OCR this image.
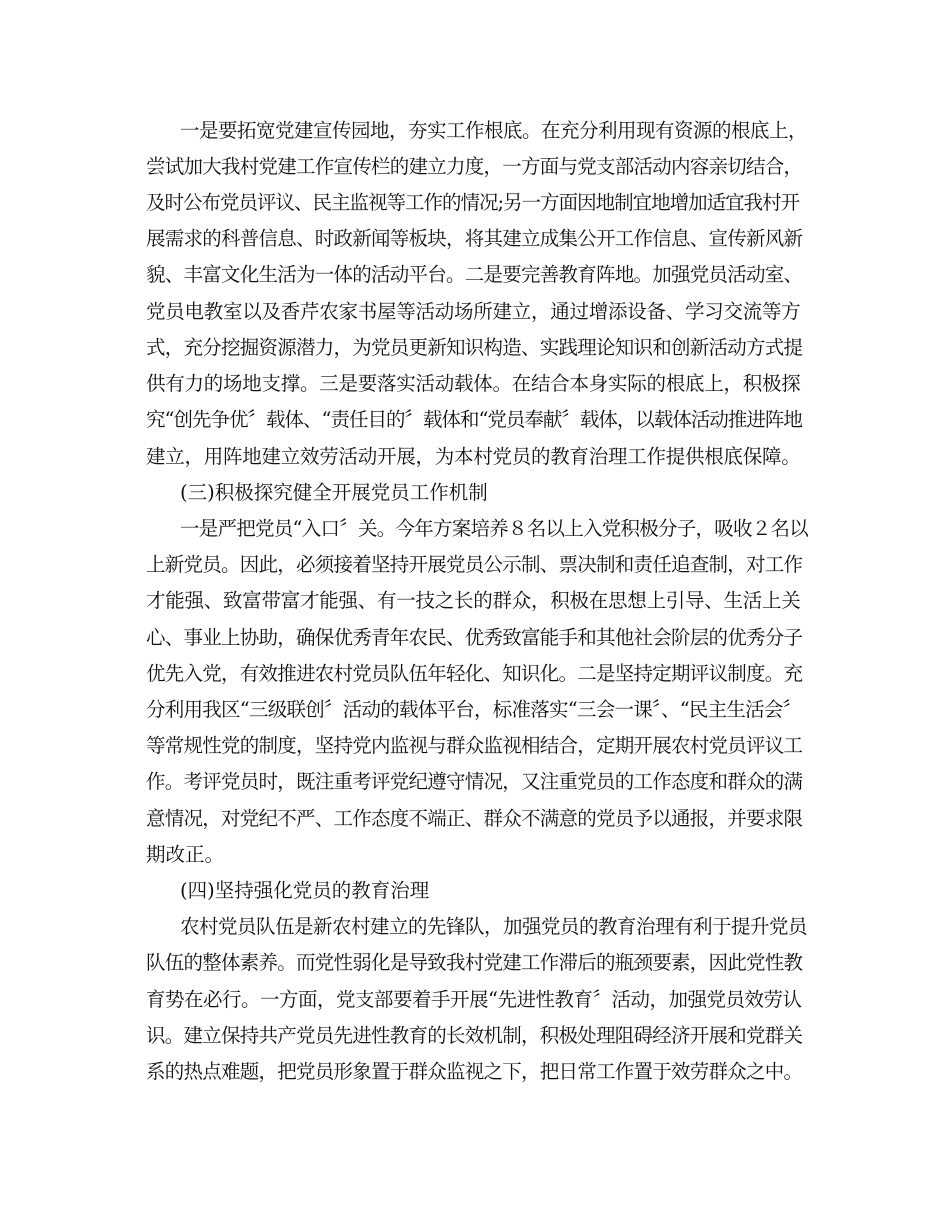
一是要拓宽党建宣传园地，夯实工作根底。在充分利用现有资源的根底上，

尝试加大我村党建工作宣传栏的建立力度，一方面与党支部活动内容亲切结合，

及时公布党员评议、民主监视等工作的情况;另一方面因地制宜地增加适宜我村开

展需求的科普信息、时政新闻等板块，将其建立成集公开工作信息、宣传新风新

貌、丰富文化生活为一体的活动平台。二是要完善教育阵地。加强党员活动室、

党员电教室以及香芹农家书屋等活动场所建立，通过增添设备、学习交流等方

式，充分挖掘资源潜力，为党员更新知识构造、实践理论知识和创新活动方式提

供有力的场地支撑。三是要落实活动载体。在结合本身实际的根底上，积极探

究“创先争优〞载体、“责任目的〞载体和“党员奉献〞载体，以载体活动推进阵地

建立，用阵地建立效劳活动开展，为本村党员的教育治理工作提供根底保障。

(三)积极探究健全开展党员工作机制

一是严把党员“入口〞关。今年方案培养８名以上入党积极分子，吸收２名以

上新党员。因此，必须接着坚持开展党员公示制、票决制和责任追查制，对工作

才能强、致富带富才能强、有一技之长的群众，积极在思想上引导、生活上关

心、事业上协助，确保优秀青年农民、优秀致富能手和其他社会阶层的优秀分子

优先入党，有效推进农村党员队伍年轻化、知识化。二是坚持定期评议制度。充

分利用我区“三级联创〞活动的载体平台，标准落实“三会一课〞、“民主生活会〞

等常规性党的制度，坚持党内监视与群众监视相结合，定期开展农村党员评议工

作。考评党员时，既注重考评党纪遵守情况，又注重党员的工作态度和群众的满

意情况，对党纪不严、工作态度不端正、群众不满意的党员予以通报，并要求限

期改正。

(四)坚持强化党员的教育治理

农村党员队伍是新农村建立的先锋队，加强党员的教育治理有利于提升党员

队伍的整体素养。而党性弱化是导致我村党建工作滞后的瓶颈要素，因此党性教

育势在必行。一方面，党支部要着手开展“先进性教育〞活动，加强党员效劳认

识。建立保持共产党员先进性教育的长效机制，积极处理阻碍经济开展和党群关

系的热点难题，把党员形象置于群众监视之下，把日常工作置于效劳群众之中。
